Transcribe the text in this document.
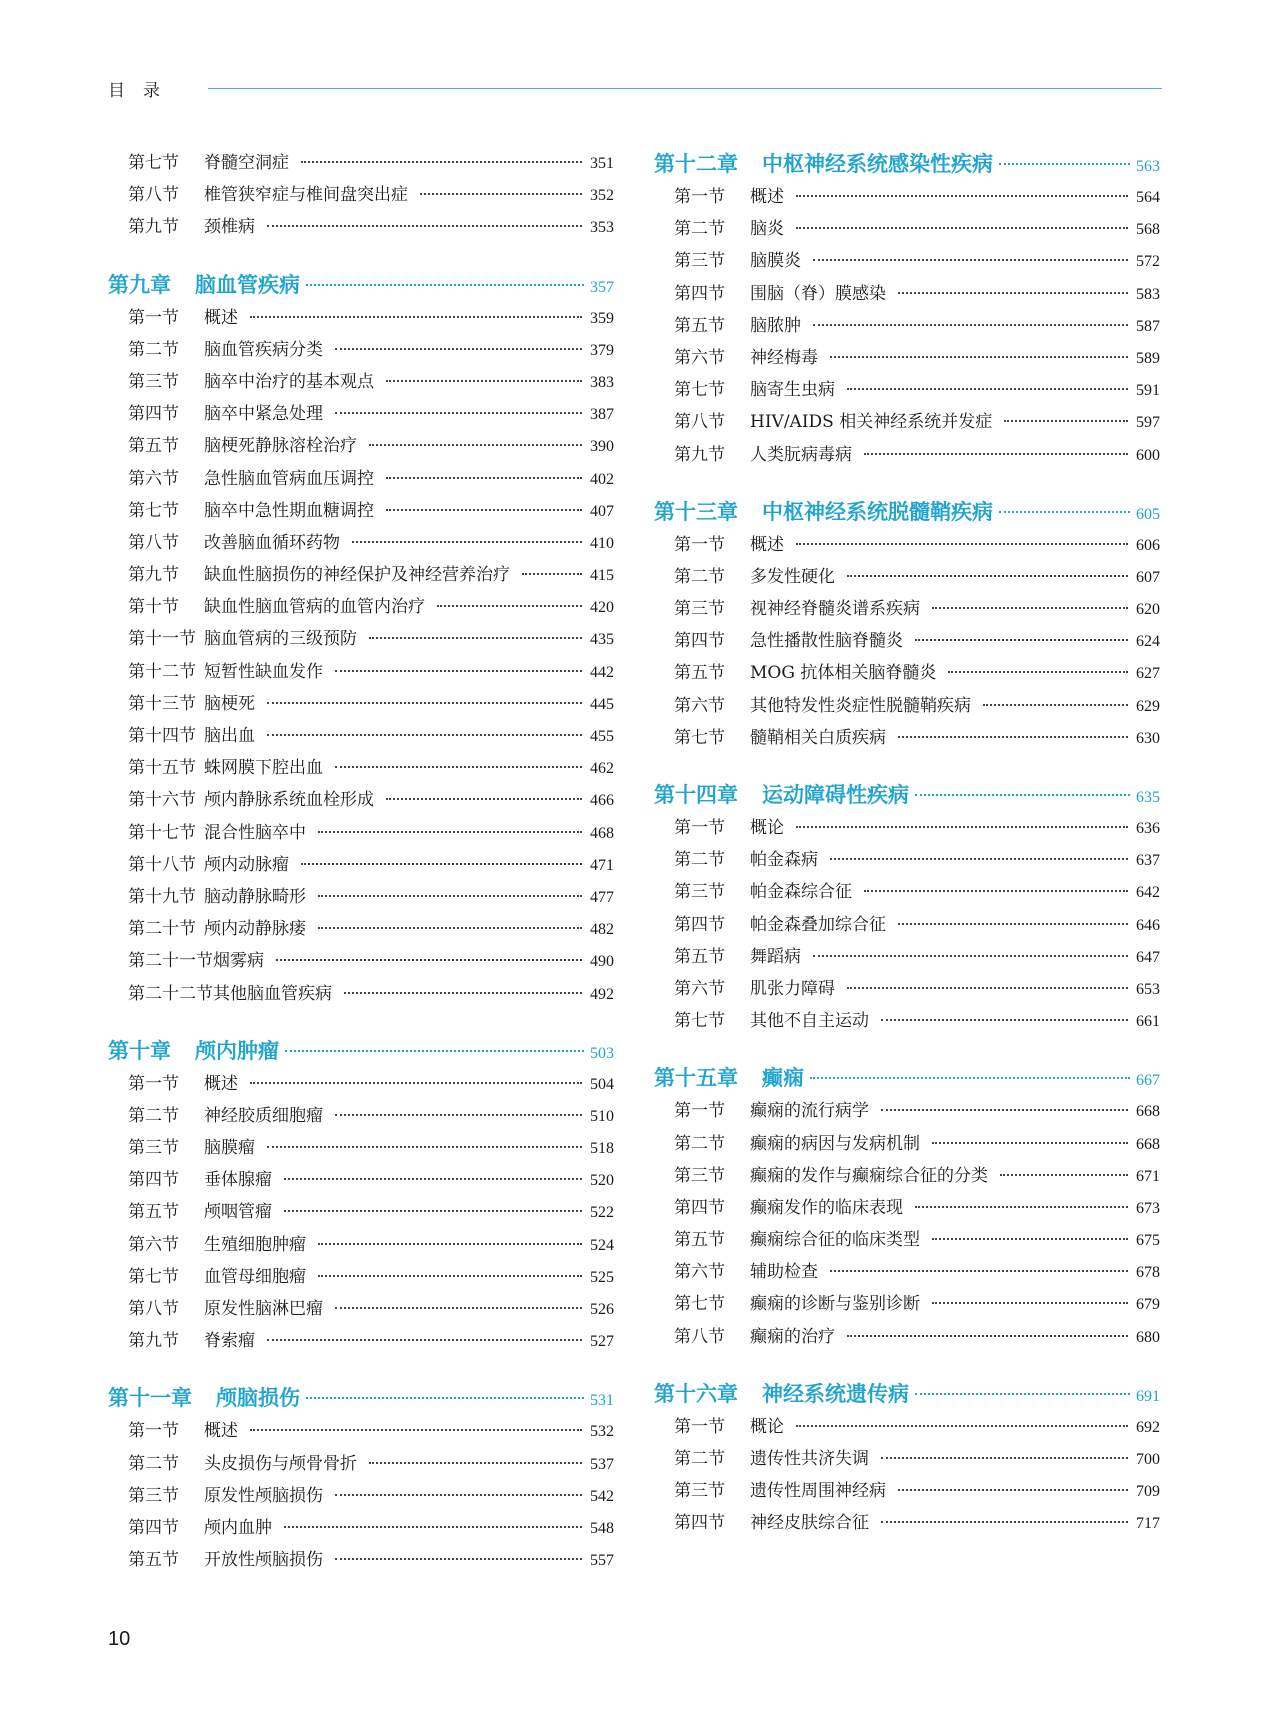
目录
第七节	脊髓空洞症	351
第八节	椎管狭窄症与椎间盘突出症	352
第九节	颈椎病	353
第九章 脑血管疾病	357
第一节	概述	359
第二节	脑血管疾病分类	379
第三节	脑卒中治疗的基本观点	383
第四节	脑卒中紧急处理	387
第五节	脑梗死静脉溶栓治疗	390
第六节	急性脑血管病血压调控	402
第七节	脑卒中急性期血糖调控	407
第八节	改善脑血循环药物	410
第九节	缺血性脑损伤的神经保护及神经营养治疗	415
第十节	缺血性脑血管病的血管内治疗	420
第十一节 脑血管病的三级预防	435
第十二节 短暂性缺血发作	442
第十三节 脑梗死	445
第十四节 脑出血	455
第十五节 蛛网膜下腔出血	462
第十六节 颅内静脉系统血栓形成	466
第十七节 混合性脑卒中	468
第十八节 颅内动脉瘤	471
第十九节 脑动静脉畸形	477
第二十节 颅内动静脉瘘	482
第二十一节 烟雾病	490
第二十二节 其他脑血管疾病	492
第十章 颅内肿瘤	503
第一节	概述	504
第二节	神经胶质细胞瘤	510
第三节	脑膜瘤	518
第四节	垂体腺瘤	520
第五节	颅咽管瘤	522
第六节	生殖细胞肿瘤	524
第七节	血管母细胞瘤	525
第八节	原发性脑淋巴瘤	526
第九节	脊索瘤	527
第十一章 颅脑损伤	531
第一节	概述	532
第二节	头皮损伤与颅骨骨折	537
第三节	原发性颅脑损伤	542
第四节	颅内血肿	548
第五节	开放性颅脑损伤	557
第十二章 中枢神经系统感染性疾病	563
第一节	概述	564
第二节	脑炎	568
第三节	脑膜炎	572
第四节	围脑（脊）膜感染	583
第五节	脑脓肿	587
第六节	神经梅毒	589
第七节	脑寄生虫病	591
第八节	HIV/AIDS 相关神经系统并发症	597
第九节	人类朊病毒病	600
第十三章 中枢神经系统脱髓鞘疾病	605
第一节	概述	606
第二节	多发性硬化	607
第三节	视神经脊髓炎谱系疾病	620
第四节	急性播散性脑脊髓炎	624
第五节	MOG 抗体相关脑脊髓炎	627
第六节	其他特发性炎症性脱髓鞘疾病	629
第七节	髓鞘相关白质疾病	630
第十四章 运动障碍性疾病	635
第一节	概论	636
第二节	帕金森病	637
第三节	帕金森综合征	642
第四节	帕金森叠加综合征	646
第五节	舞蹈病	647
第六节	肌张力障碍	653
第七节	其他不自主运动	661
第十五章 癫痫	667
第一节	癫痫的流行病学	668
第二节	癫痫的病因与发病机制	668
第三节	癫痫的发作与癫痫综合征的分类	671
第四节	癫痫发作的临床表现	673
第五节	癫痫综合征的临床类型	675
第六节	辅助检查	678
第七节	癫痫的诊断与鉴别诊断	679
第八节	癫痫的治疗	680
第十六章 神经系统遗传病	691
第一节	概论	692
第二节	遗传性共济失调	700
第三节	遗传性周围神经病	709
第四节	神经皮肤综合征	717
10
